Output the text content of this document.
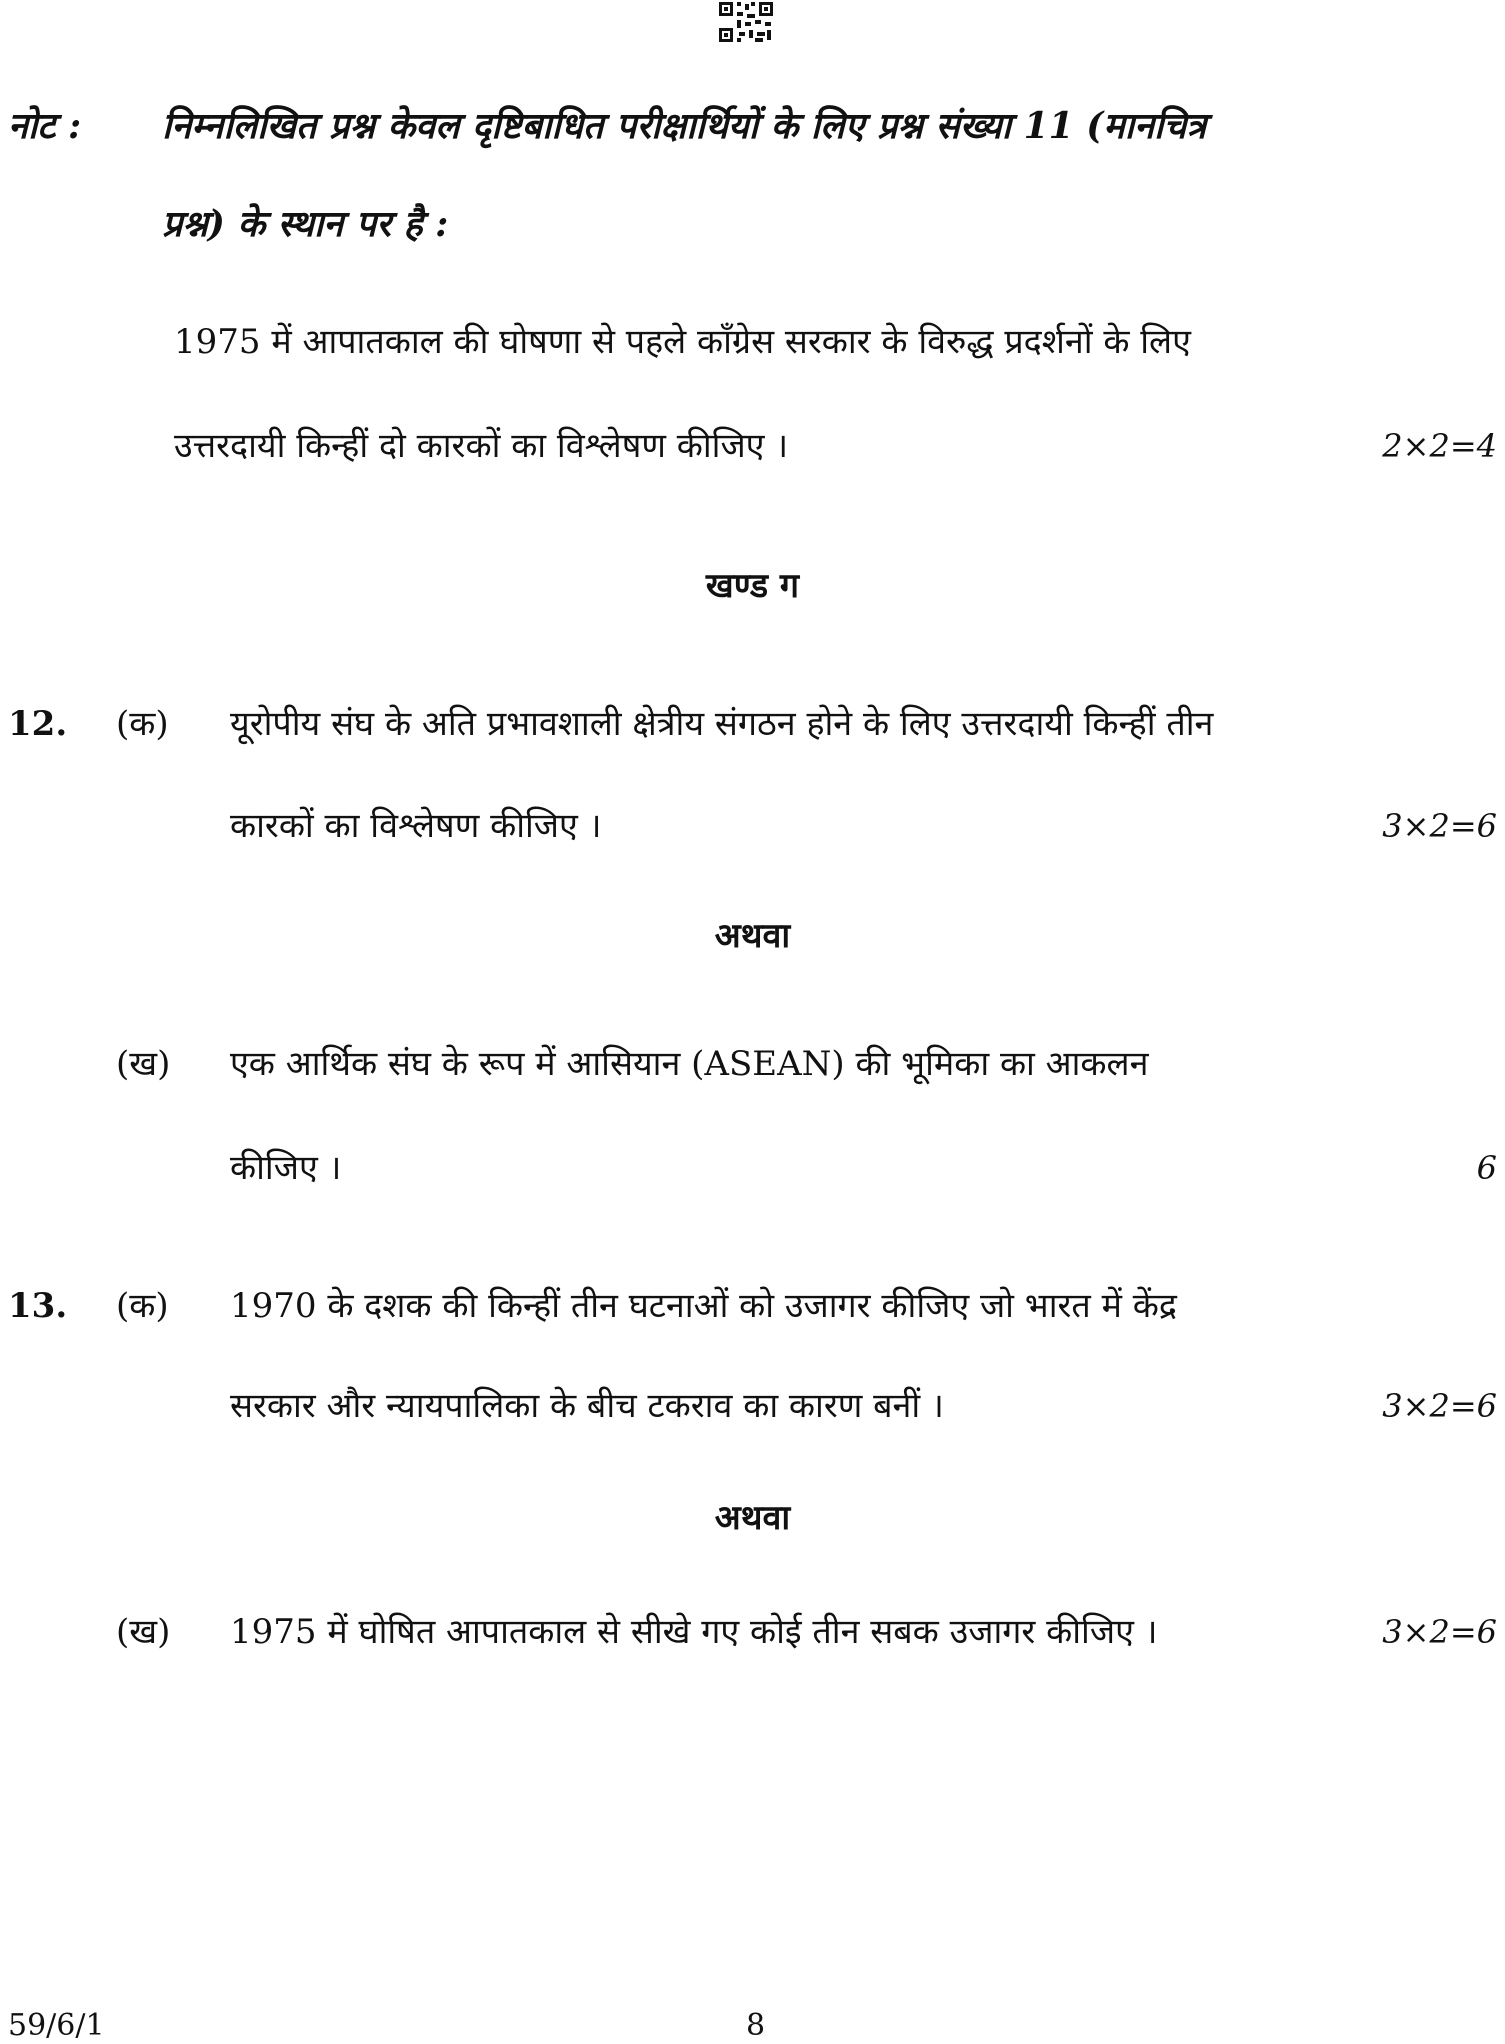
नोट : निम्नलिखित प्रश्न केवल दृष्टिबाधित परीक्षार्थियों के लिए प्रश्न संख्या 11 (मानचित्र
प्रश्न) के स्थान पर है :
1975 में आपातकाल की घोषणा से पहले काँग्रेस सरकार के विरुद्ध प्रदर्शनों के लिए
उत्तरदायी किन्हीं दो कारकों का विश्लेषण कीजिए ।	2×2=4
खण्ड ग
12. (क) यूरोपीय संघ के अति प्रभावशाली क्षेत्रीय संगठन होने के लिए उत्तरदायी किन्हीं तीन
कारकों का विश्लेषण कीजिए ।	3×2=6
अथवा
(ख) एक आर्थिक संघ के रूप में आसियान (ASEAN) की भूमिका का आकलन
कीजिए ।	6
13. (क) 1970 के दशक की किन्हीं तीन घटनाओं को उजागर कीजिए जो भारत में केंद्र
सरकार और न्यायपालिका के बीच टकराव का कारण बनीं ।	3×2=6
अथवा
(ख) 1975 में घोषित आपातकाल से सीखे गए कोई तीन सबक उजागर कीजिए ।	3×2=6
59/6/1	8
